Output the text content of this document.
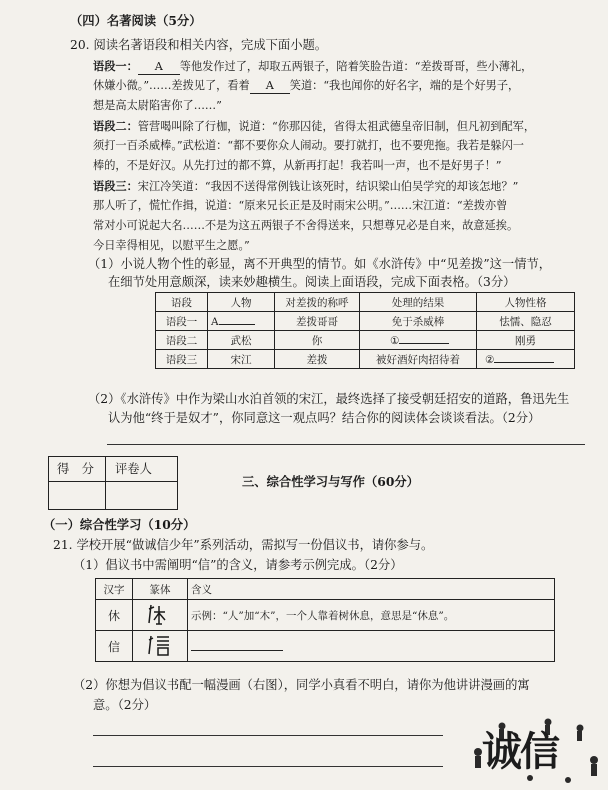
（四）名著阅读（5分）
20. 阅读名著语段和相关内容，完成下面小题。
语段一： A 等他发作过了，却取五两银子，陪着笑脸告道：“差拨哥哥，些小薄礼，
休嫌小微。”……差拨见了，看着 A 笑道：“我也闻你的好名字，端的是个好男子，
想是高太尉陷害你了……”
语段二：管营喝叫除了行枷，说道：“你那囚徒，省得太祖武德皇帝旧制，但凡初到配军，
须打一百杀威棒。”武松道：“都不要你众人闹动。要打就打，也不要兜拖。我若是躲闪一
棒的，不是好汉。从先打过的都不算，从新再打起！我若叫一声，也不是好男子！”
语段三：宋江冷笑道：“我因不送得常例钱让该死时，结识梁山伯吴学究的却该怎地？”
那人听了，慌忙作揖，说道：“原来兄长正是及时雨宋公明。”……宋江道：“差拨亦曾
常对小可说起大名……不是为这五两银子不舍得送来，只想尊兄必是自来，故意延挨。
今日幸得相见，以慰平生之愿。”
（1）小说人物个性的彰显，离不开典型的情节。如《水浒传》中“见差拨”这一情节，
在细节处用意颇深，读来妙趣横生。阅读上面语段，完成下面表格。（3分）
语段	人物	对差拨的称呼	处理的结果	人物性格
语段一	A	差拨哥哥	免于杀威棒	怯懦、隐忍
语段二	武松	你	①	刚勇
语段三	宋江	差拨	被好酒好肉招待着	②
（2）《水浒传》中作为梁山水泊首领的宋江，最终选择了接受朝廷招安的道路，鲁迅先生
认为他“终于是奴才”，你同意这一观点吗？结合你的阅读体会谈谈看法。（2分）
得　分 评卷人
三、综合性学习与写作（60分）
（一）综合性学习（10分）
21. 学校开展“做诚信少年”系列活动，需拟写一份倡议书，请你参与。
（1）倡议书中需阐明“信”的含义，请参考示例完成。（2分）
汉字	篆体	含义
休		示例：“人”加“木”，一个人靠着树休息，意思是“休息”。
信		
（2）你想为倡议书配一幅漫画（右图），同学小真看不明白，请你为他讲讲漫画的寓
意。（2分）
诚信
